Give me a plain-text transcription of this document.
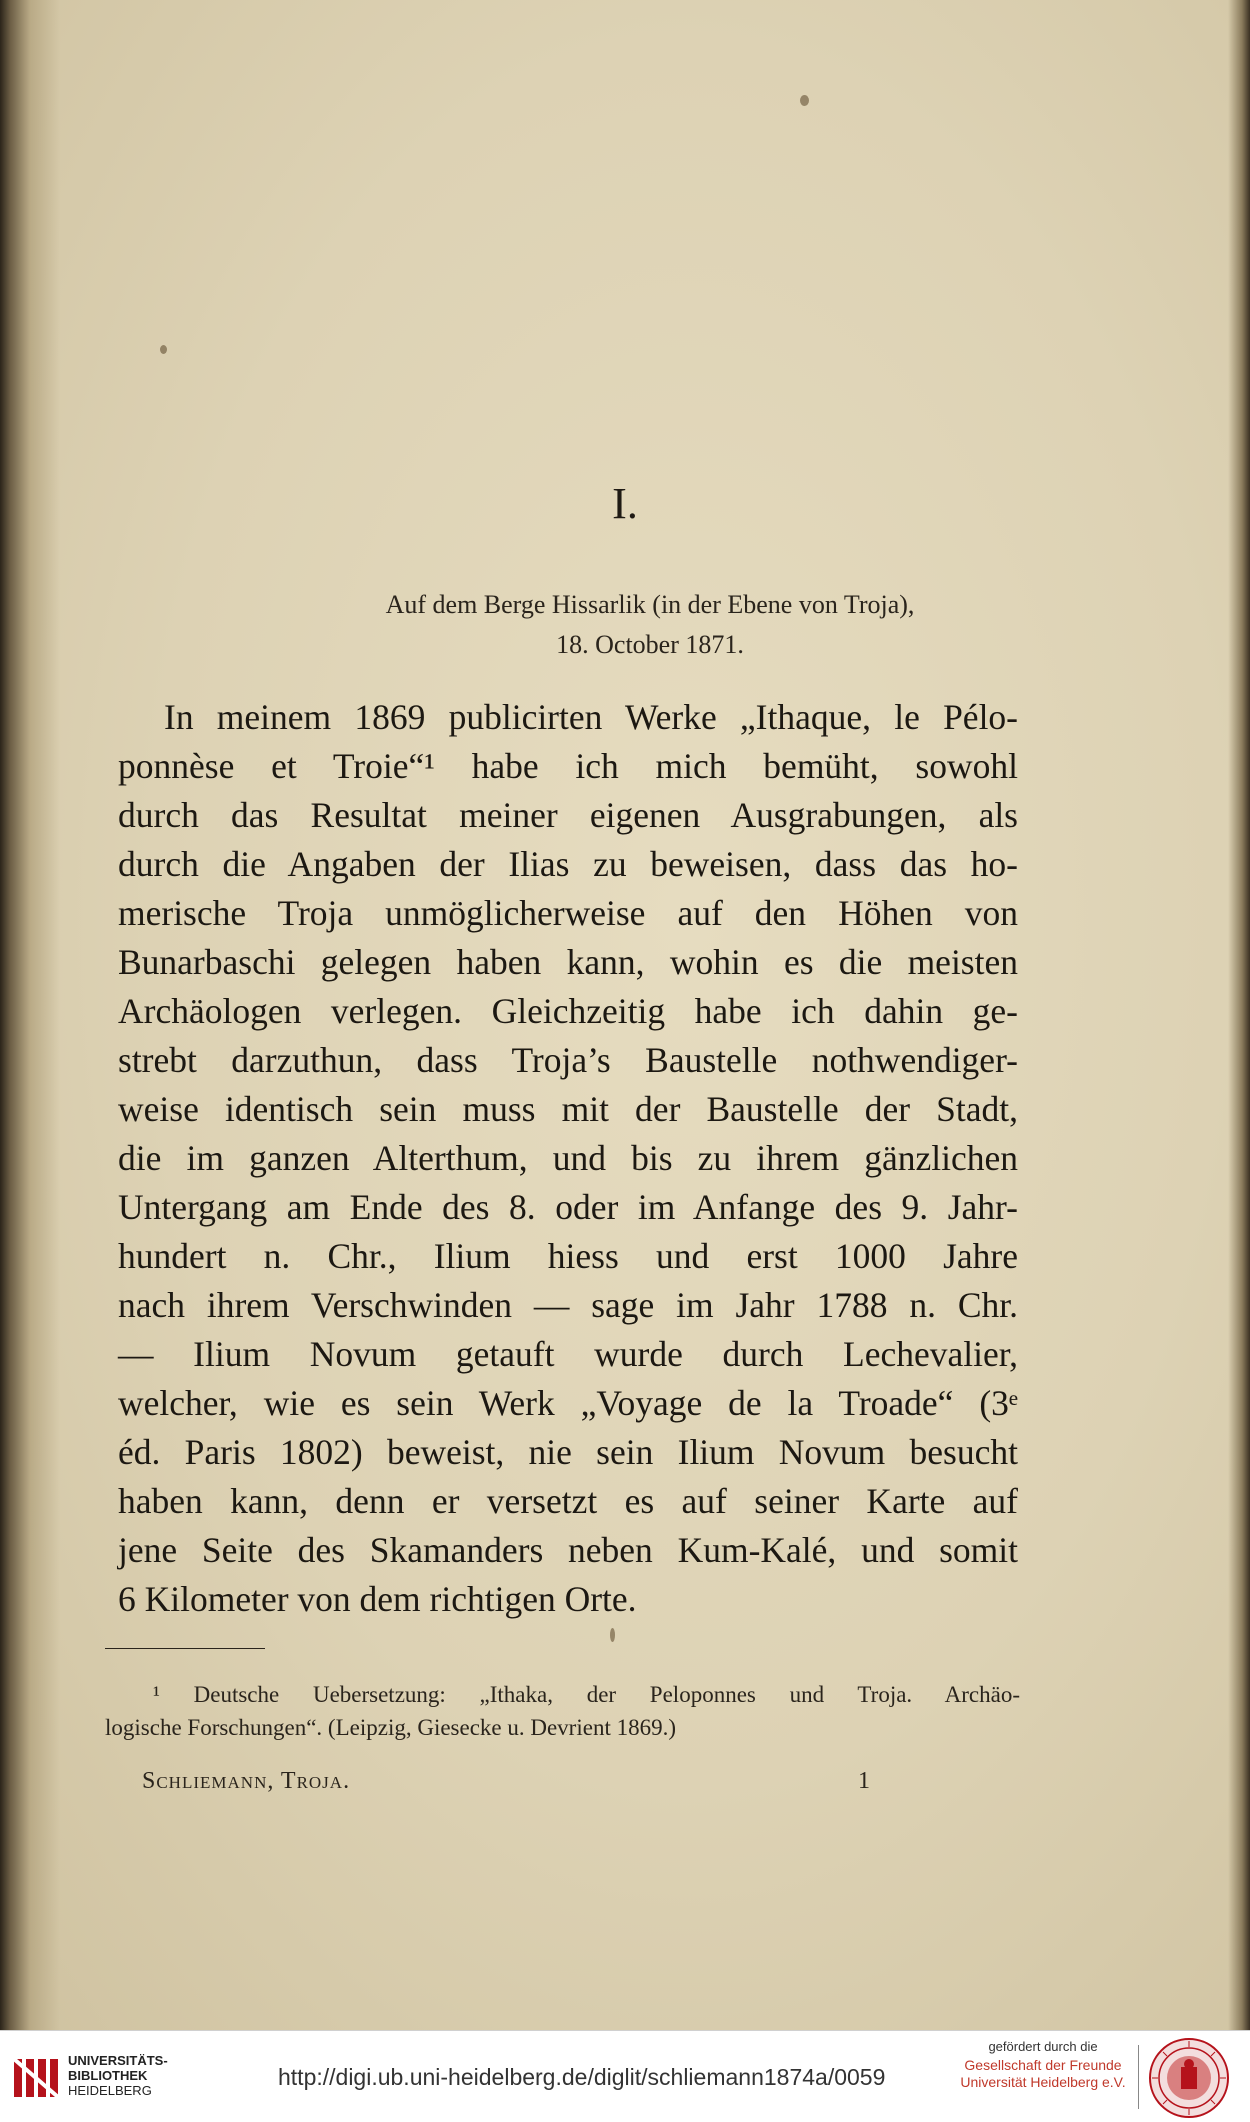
I.
Auf dem Berge Hissarlik (in der Ebene von Troja),
18. October 1871.
In meinem 1869 publicirten Werke „Ithaque, le Pélo-
ponnèse et Troie“¹ habe ich mich bemüht, sowohl
durch das Resultat meiner eigenen Ausgrabungen, als
durch die Angaben der Ilias zu beweisen, dass das ho-
merische Troja unmöglicherweise auf den Höhen von
Bunarbaschi gelegen haben kann, wohin es die meisten
Archäologen verlegen. Gleichzeitig habe ich dahin ge-
strebt darzuthun, dass Troja’s Baustelle nothwendiger-
weise identisch sein muss mit der Baustelle der Stadt,
die im ganzen Alterthum, und bis zu ihrem gänzlichen
Untergang am Ende des 8. oder im Anfange des 9. Jahr-
hundert n. Chr., Ilium hiess und erst 1000 Jahre
nach ihrem Verschwinden — sage im Jahr 1788 n. Chr.
— Ilium Novum getauft wurde durch Lechevalier,
welcher, wie es sein Werk „Voyage de la Troade“ (3ᵉ
éd. Paris 1802) beweist, nie sein Ilium Novum besucht
haben kann, denn er versetzt es auf seiner Karte auf
jene Seite des Skamanders neben Kum-Kalé, und somit
6 Kilometer von dem richtigen Orte.
¹ Deutsche Uebersetzung: „Ithaka, der Peloponnes und Troja. Archäo-
logische Forschungen“. (Leipzig, Giesecke u. Devrient 1869.)
Schliemann, Troja.	1
UNIVERSITÄTS-
BIBLIOTHEK
HEIDELBERG
http://digi.ub.uni-heidelberg.de/diglit/schliemann1874a/0059
gefördert durch die
Gesellschaft der Freunde
Universität Heidelberg e.V.
